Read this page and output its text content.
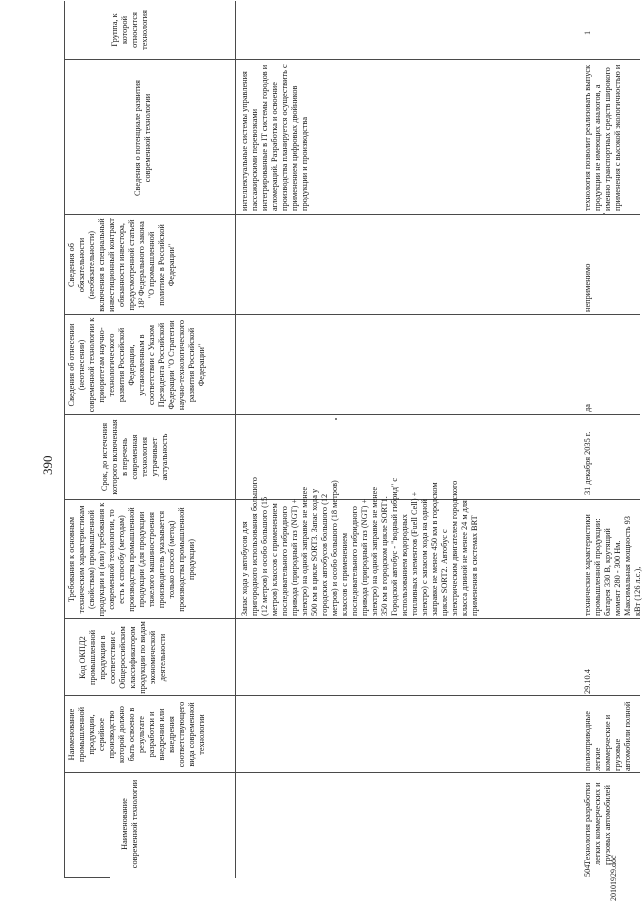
390
Наименование современной технологии
Наименование промышленной продукции, серийное производство которой должно быть освоено в результате разработки и внедрения или внедрения соответствующего вида современной технологии
Код ОКПД2 промышленной продукции в соответствии с Общероссийским классификатором продукции по видам экономической деятельности
Требования к основным техническим характеристикам (свойствам) промышленной продукции и (или) требования к современной технологии, то есть к способу (методам) производства промышленной продукции (для продукции тяжелого машиностроения производитель указывается только способ (метод) производства промышленной продукции)
Срок, до истечения которого включенная в перечень современная технология утрачивает актуальность
Сведения об отнесении (неотнесении) современной технологии к приоритетам научно-технологического развития Российской Федерации, установленным в соответствии с Указом Президента Российской Федерации "О Стратегии научно-технологического развития Российской Федерации"
Сведения об обязательности (необязательности) включения в специальный инвестиционный контракт обязанности инвестора, предусмотренной статьей 18² Федерального закона "О промышленной политике в Российской Федерации"
Сведения о потенциале развития современной технологии
Группа, к которой относится технология
Запас хода у автобусов для пригородного использования большого (12 метров) и особо большого (15 метров) классов с применением последовательного гибридного привода (природный газ (NGT) + электро) на одной заправке не менее 500 км в цикле SORT3. Запас хода у городских автобусов большого (12 метров) и особо большого (18 метров) классов с применением последовательного гибридного привода (природный газ (NGT) + электро) на одной заправке не менее 350 км в городском цикле SORT1. Городской автобус - "водный гибрид" с использованием водородных топливных элементов (Fuell Cell) + электро) с запасом хода на одной заправке не менее 450 км в городском цикле SORT2. Автобус с электрическим двигателем городского класса длиной не менее 24 м для применения в системах BRT
интеллектуальные системы управления пассажирскими перевозками интегрированные в IT системы городов и агломераций. Разработка и освоение производства планируется осуществить с применением цифровых двойников продукции и производства
504.
Технология разработки легких коммерческих и грузовых автомобилей
полноприводные легкие коммерческие и грузовые автомобили полной
29.10.4
технические характеристики промышленной продукции: батарея 330 В, крутящий момент 280 - 300 Нм. Максимальная мощность 93 кВт (126 л.с.),
31 декабря 2035 г.
да
неприменимо
технология позволит реализовать выпуск продукции не имеющих аналогов, а именно транспортных средств широкого применения с высокой экологичностью и
1
20101929.doc
